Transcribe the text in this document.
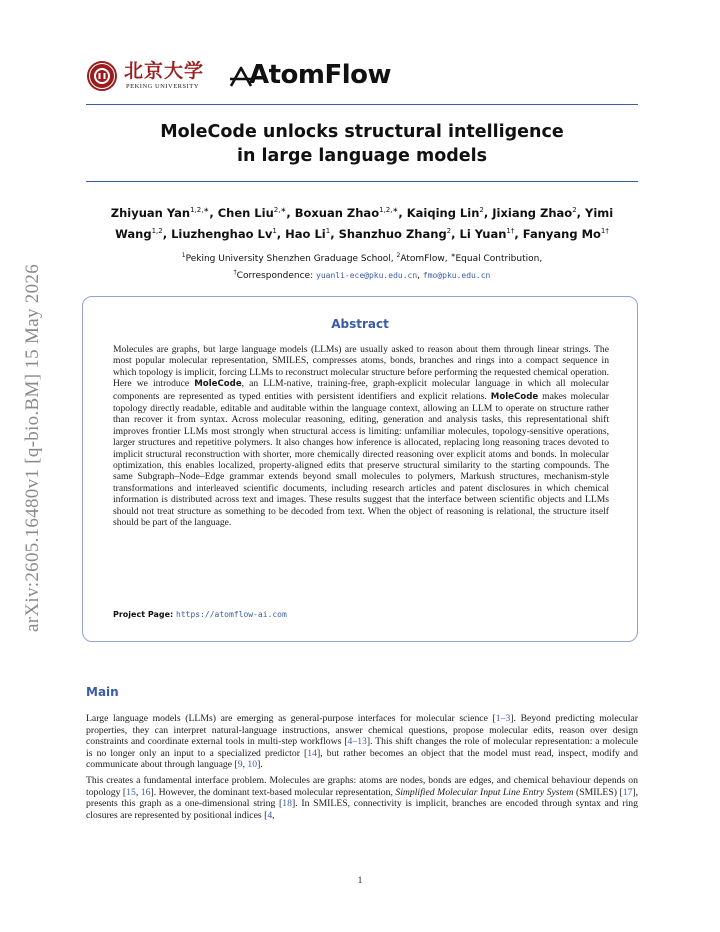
arXiv:2605.16480v1 [q-bio.BM] 15 May 2026
北京大学
PEKING UNIVERSITY AtomFlow
MoleCode unlocks structural intelligence
in large language models
Zhiyuan Yan$^{1,2,∗}$, Chen Liu$^{2,∗}$, Boxuan Zhao$^{1,2,∗}$, Kaiqing Lin$^2$, Jixiang Zhao$^2$, Yimi Wang$^{1,2}$, Liuzhenghao Lv$^1$, Hao Li$^1$, Shanzhuo Zhang$^2$, Li Yuan$^{1\dagger}$, Fanyang $Mo^{1\dagger}$
$^1$Peking University Shenzhen Graduage School, $^2$AtomFlow, ∗Equal Contribution,
†Correspondence: yuanli-ece@pku.edu.cn, fmo@pku.edu.cn
Abstract
Molecules are graphs, but large language models (LLMs) are usually asked to reason about them through linear strings. The most popular molecular representation, SMILES, compresses atoms, bonds, branches and rings into a compact sequence in which topology is implicit, forcing LLMs to reconstruct molecular structure before performing the requested chemical operation. Here we introduce MoleCode, an LLM-native, training-free, graph-explicit molecular language in which all molecular components are represented as typed entities with persistent identifiers and explicit relations. MoleCode makes molecular topology directly readable, editable and auditable within the language context, allowing an LLM to operate on structure rather than recover it from syntax. Across molecular reasoning, editing, generation and analysis tasks, this representational shift improves frontier LLMs most strongly when structural access is limiting: unfamiliar molecules, topology-sensitive operations, larger structures and repetitive polymers. It also changes how inference is allocated, replacing long reasoning traces devoted to implicit structural reconstruction with shorter, more chemically directed reasoning over explicit atoms and bonds. In molecular optimization, this enables localized, property-aligned edits that preserve structural similarity to the starting compounds. The same Subgraph–Node–Edge grammar extends beyond small molecules to polymers, Markush structures, mechanism-style transformations and interleaved scientific documents, including research articles and patent disclosures in which chemical information is distributed across text and images. These results suggest that the interface between scientific objects and LLMs should not treat structure as something to be decoded from text. When the object of reasoning is relational, the structure itself should be part of the language.
Project Page: https://atomflow-ai.com
Main
Large language models (LLMs) are emerging as general-purpose interfaces for molecular science [1–3]. Beyond predicting molecular properties, they can interpret natural-language instructions, answer chemical questions, propose molecular edits, reason over design constraints and coordinate external tools in multi-step workflows [4–13]. This shift changes the role of molecular representation: a molecule is no longer only an input to a specialized predictor [14], but rather becomes an object that the model must read, inspect, modify and communicate about through language [9, 10].
This creates a fundamental interface problem. Molecules are graphs: atoms are nodes, bonds are edges, and chemical behaviour depends on topology [15, 16]. However, the dominant text-based molecular representation, Simplified Molecular Input Line Entry System (SMILES) [17], presents this graph as a one-dimensional string [18]. In SMILES, connectivity is implicit, branches are encoded through syntax and ring closures are represented by positional indices [4,
1
